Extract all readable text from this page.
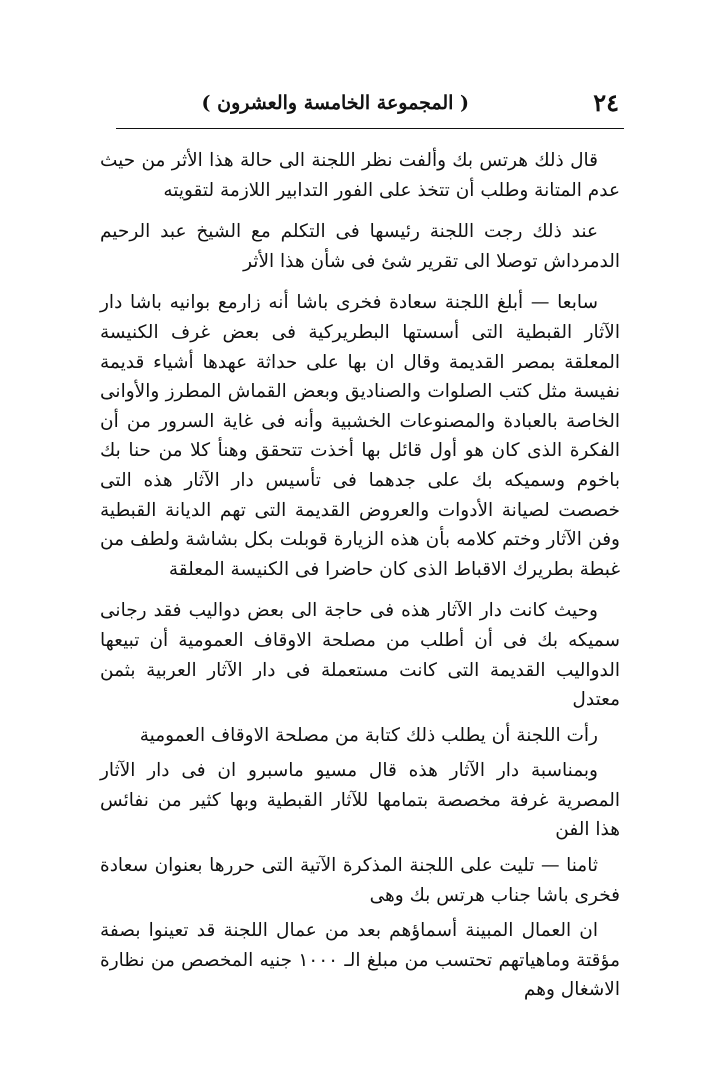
٢٤
( المجموعة الخامسة والعشرون )

قال ذلك هرتس بك وألفت نظر اللجنة الى حالة هذا الأثر من حيث عدم المتانة وطلب أن تتخذ على الفور التدابير اللازمة لتقويته

عند ذلك رجت اللجنة رئيسها فى التكلم مع الشيخ عبد الرحيم الدمرداش توصلا الى تقرير شئ فى شأن هذا الأثر

سابعا — أبلغ اللجنة سعادة فخرى باشا أنه زارمع بوانيه باشا دار الآثار القبطية التى أسستها البطريركية فى بعض غرف الكنيسة المعلقة بمصر القديمة وقال ان بها على حداثة عهدها أشياء قديمة نفيسة مثل كتب الصلوات والصناديق وبعض القماش المطرز والأوانى الخاصة بالعبادة والمصنوعات الخشبية وأنه فى غاية السرور من أن الفكرة الذى كان هو أول قائل بها أخذت تتحقق وهنأ كلا من حنا بك باخوم وسميكه بك على جدهما فى تأسيس دار الآثار هذه التى خصصت لصيانة الأدوات والعروض القديمة التى تهم الديانة القبطية وفن الآثار وختم كلامه بأن هذه الزيارة قوبلت بكل بشاشة ولطف من غبطة بطريرك الاقباط الذى كان حاضرا فى الكنيسة المعلقة

وحيث كانت دار الآثار هذه فى حاجة الى بعض دواليب فقد رجانى سميكه بك فى أن أطلب من مصلحة الاوقاف العمومية أن تبيعها الدواليب القديمة التى كانت مستعملة فى دار الآثار العربية بثمن معتدل

رأت اللجنة أن يطلب ذلك كتابة من مصلحة الاوقاف العمومية

وبمناسبة دار الآثار هذه قال مسيو ماسبرو ان فى دار الآثار المصرية غرفة مخصصة بتمامها للآثار القبطية وبها كثير من نفائس هذا الفن

ثامنا — تليت على اللجنة المذكرة الآتية التى حررها بعنوان سعادة فخرى باشا جناب هرتس بك وهى

ان العمال المبينة أسماؤهم بعد من عمال اللجنة قد تعينوا بصفة مؤقتة وماهياتهم تحتسب من مبلغ الـ ١٠٠٠ جنيه المخصص من نظارة الاشغال وهم
